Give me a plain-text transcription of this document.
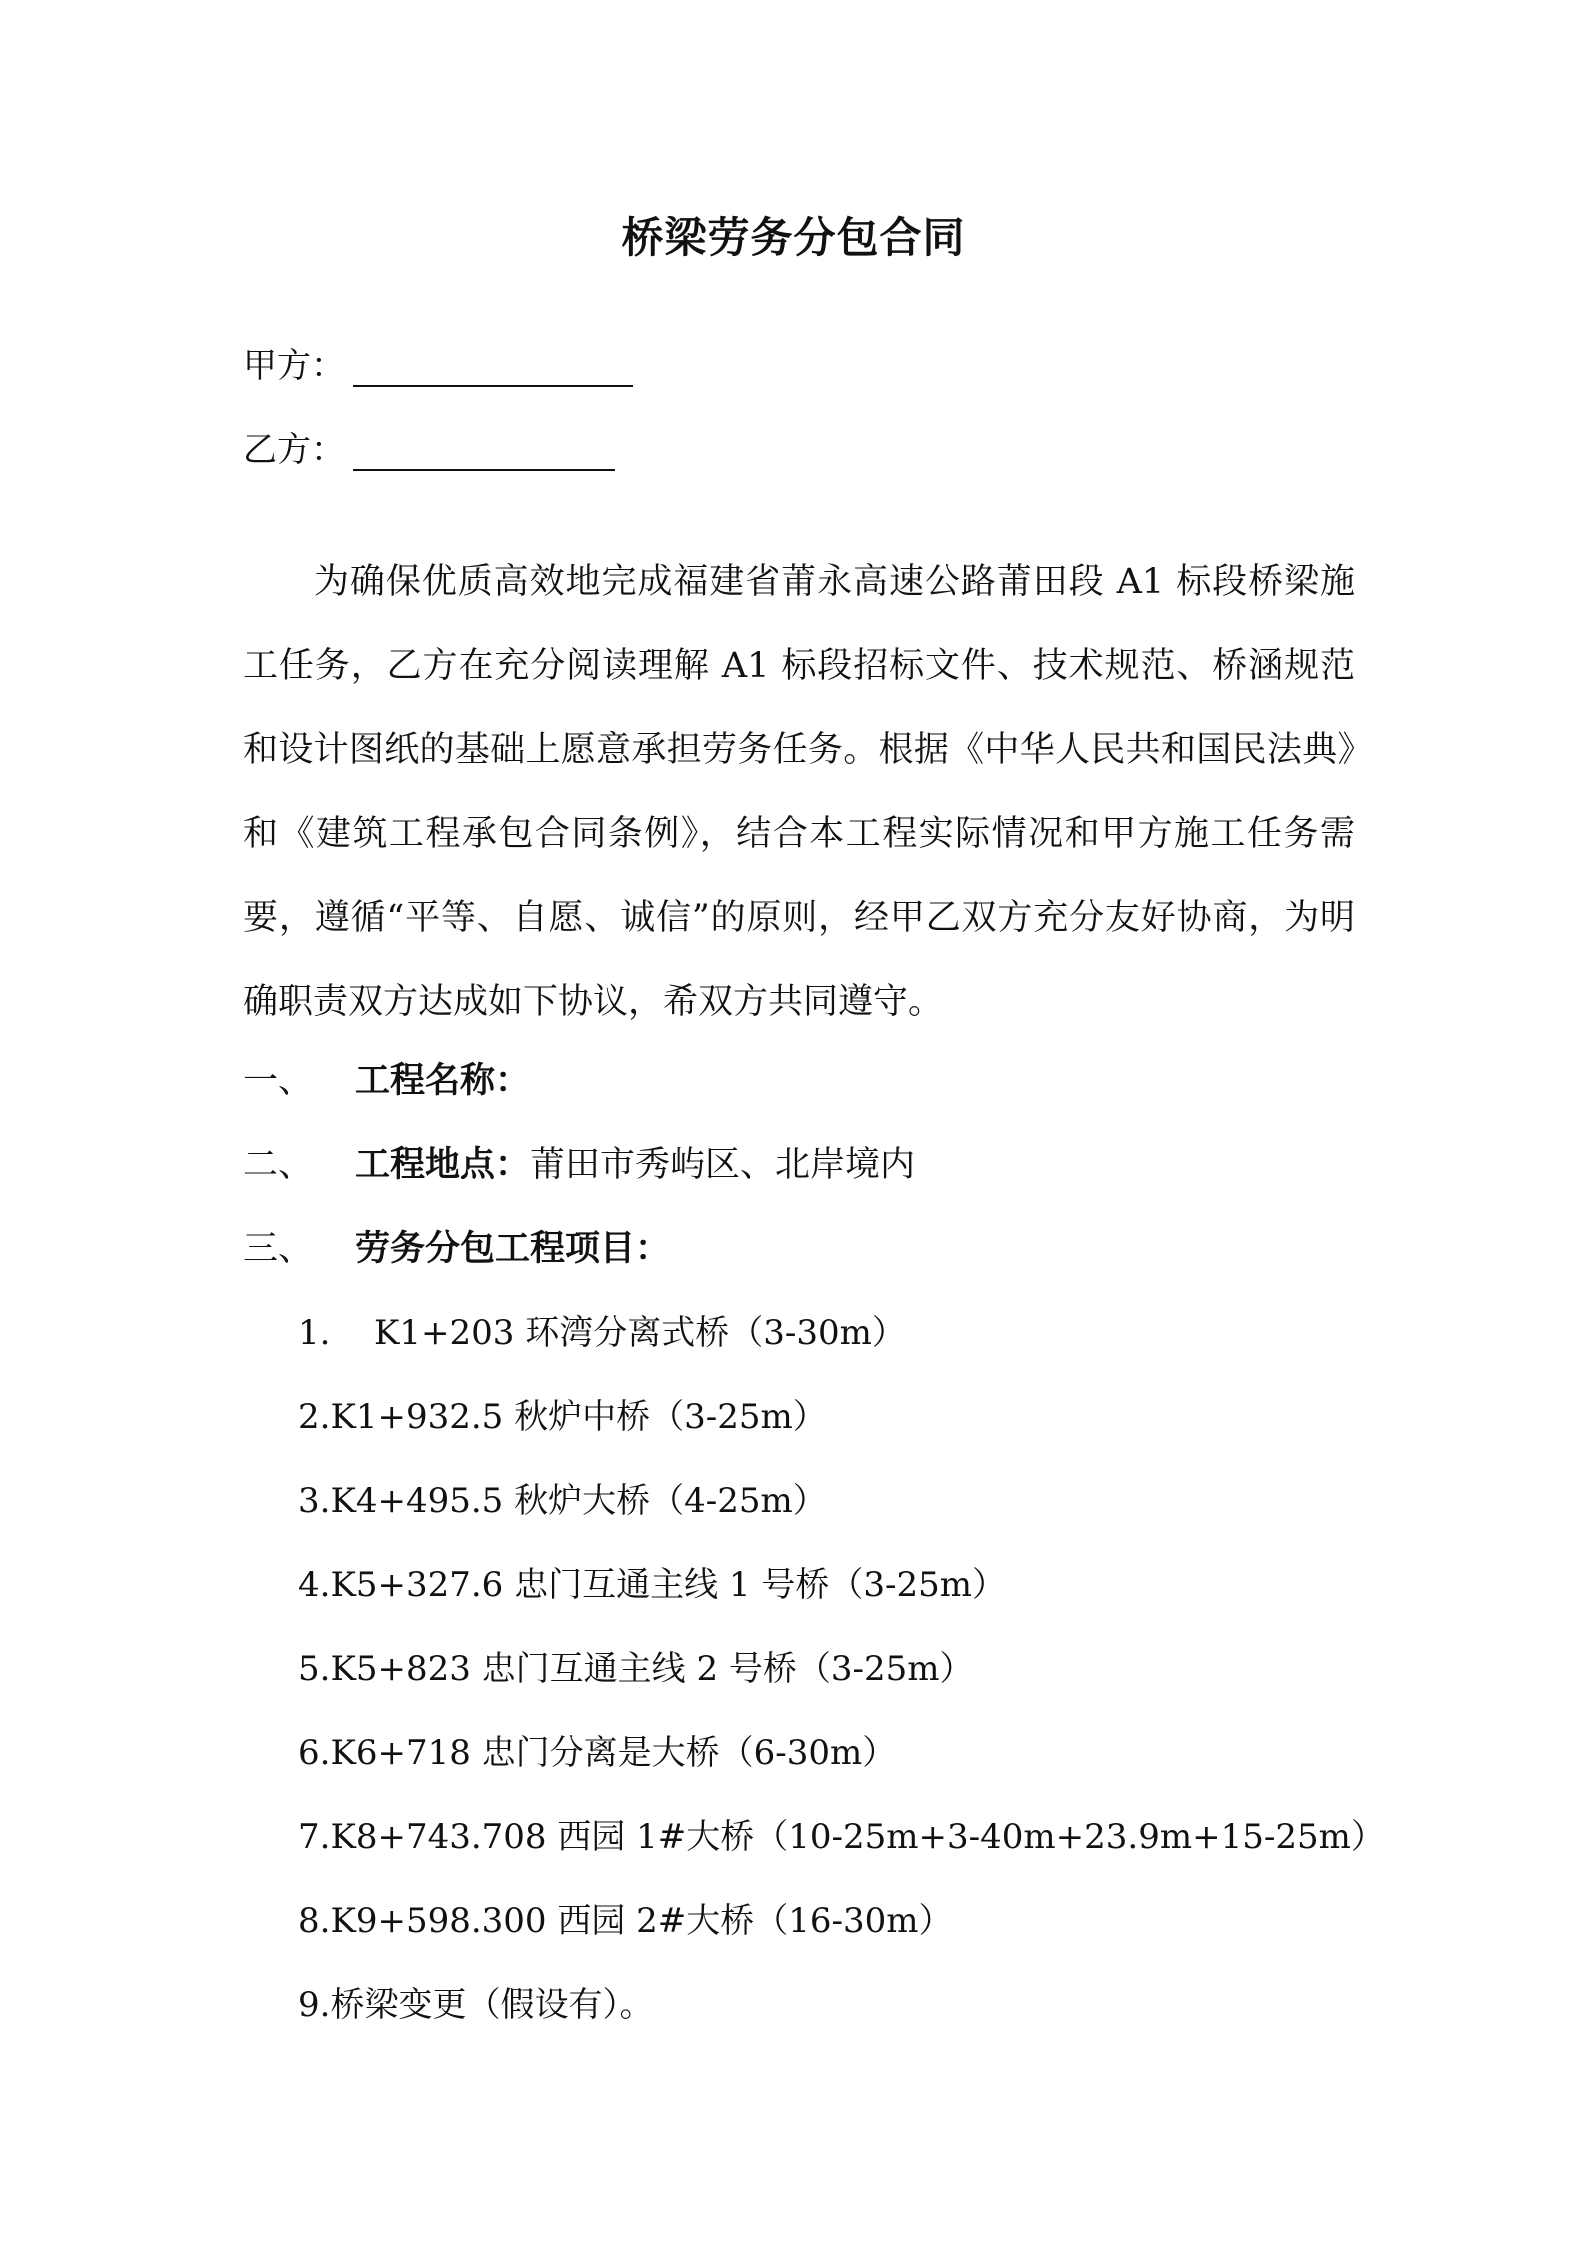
桥梁劳务分包合同
甲方：
乙方：
为确保优质高效地完成福建省莆永高速公路莆田段 A1 标段桥梁施工任务，乙方在充分阅读理解 A1 标段招标文件、技术规范、桥涵规范和设计图纸的基础上愿意承担劳务任务。根据《中华人民共和国民法典》和《建筑工程承包合同条例》，结合本工程实际情况和甲方施工任务需要，遵循“平等、自愿、诚信”的原则，经甲乙双方充分友好协商，为明确职责双方达成如下协议，希双方共同遵守。
一、 工程名称：
二、 工程地点：莆田市秀屿区、北岸境内
三、 劳务分包工程项目：
1. K1+203 环湾分离式桥（3-30m）
2.K1+932.5 秋炉中桥（3-25m）
3.K4+495.5 秋炉大桥（4-25m）
4.K5+327.6 忠门互通主线 1 号桥（3-25m）
5.K5+823 忠门互通主线 2 号桥（3-25m）
6.K6+718 忠门分离是大桥（6-30m）
7.K8+743.708 西园 1#大桥（10-25m+3-40m+23.9m+15-25m）
8.K9+598.300 西园 2#大桥（16-30m）
9.桥梁变更（假设有）。
